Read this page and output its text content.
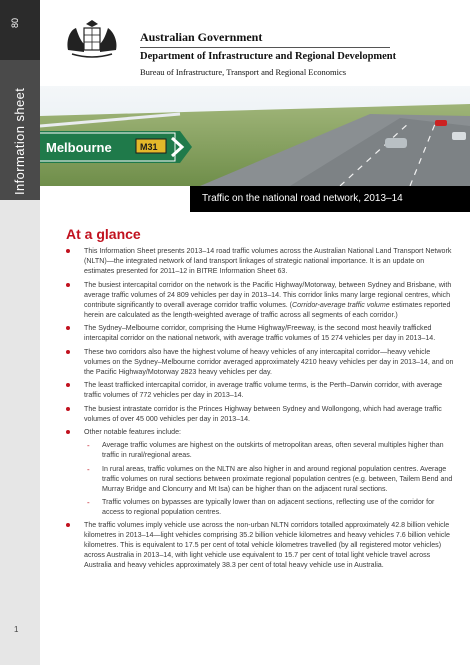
80
Information sheet
1
Australian Government
Department of Infrastructure and Regional Development
Bureau of Infrastructure, Transport and Regional Economics
Melbourne	M31
Traffic on the national road network, 2013–14
At a glance
This Information Sheet presents 2013–14 road traffic volumes across the Australian National Land Transport Network (NLTN)—the integrated network of land transport linkages of strategic national importance. It is an update on estimates presented for 2011–12 in BITRE Information Sheet 63.
The busiest intercapital corridor on the network is the Pacific Highway/Motorway, between Sydney and Brisbane, with average traffic volumes of 24 809 vehicles per day in 2013–14. This corridor links many large regional centres, which contribute significantly to overall average corridor traffic volumes. (Corridor-average traffic volume estimates reported herein are calculated as the length-weighted average of traffic across all segments of each corridor.)
The Sydney–Melbourne corridor, comprising the Hume Highway/Freeway, is the second most heavily trafficked intercapital corridor on the national network, with average traffic volumes of 15 274 vehicles per day in 2013–14.
These two corridors also have the highest volume of heavy vehicles of any intercapital corridor—heavy vehicle volumes on the Sydney–Melbourne corridor averaged approximately 4210 heavy vehicles per day in 2013–14, and on the Pacific Highway/Motorway 2823 heavy vehicles per day.
The least trafficked intercapital corridor, in average traffic volume terms, is the Perth–Darwin corridor, with average traffic volumes of 772 vehicles per day in 2013–14.
The busiest intrastate corridor is the Princes Highway between Sydney and Wollongong, which had average traffic volumes of over 45 000 vehicles per day in 2013–14.
Other notable features include:
- Average traffic volumes are highest on the outskirts of metropolitan areas, often several multiples higher than traffic in rural/regional areas.
- In rural areas, traffic volumes on the NLTN are also higher in and around regional population centres. Average traffic volumes on rural sections between proximate regional population centres (e.g. between, Tailem Bend and Murray Bridge and Cloncurry and Mt Isa) can be higher than on the adjacent rural sections.
- Traffic volumes on bypasses are typically lower than on adjacent sections, reflecting use of the corridor for access to regional population centres.
The traffic volumes imply vehicle use across the non-urban NLTN corridors totalled approximately 42.8 billion vehicle kilometres in 2013–14—light vehicles comprising 35.2 billion vehicle kilometres and heavy vehicles 7.6 billion vehicle kilometres. This is equivalent to 17.5 per cent of total vehicle kilometres travelled (by all registered motor vehicles) across Australia in 2013–14, with light vehicle use equivalent to 15.7 per cent of total light vehicle travel across Australia and heavy vehicles approximately 38.3 per cent of total heavy vehicle use in Australia.
